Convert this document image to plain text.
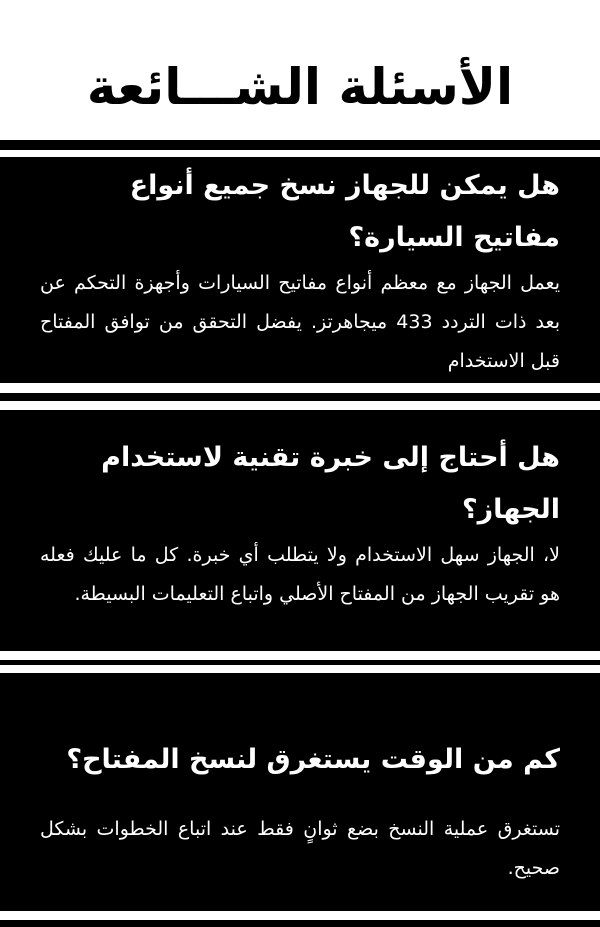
الأسئلة الشـــائعة

هل يمكن للجهاز نسخ جميع أنواع مفاتيح السيارة؟

يعمل الجهاز مع معظم أنواع مفاتيح السيارات وأجهزة التحكم عن بعد ذات التردد 433 ميجاهرتز. يفضل التحقق من توافق المفتاح قبل الاستخدام

هل أحتاج إلى خبرة تقنية لاستخدام الجهاز؟

لا، الجهاز سهل الاستخدام ولا يتطلب أي خبرة. كل ما عليك فعله هو تقريب الجهاز من المفتاح الأصلي واتباع التعليمات البسيطة.

كم من الوقت يستغرق لنسخ المفتاح؟

تستغرق عملية النسخ بضع ثوانٍ فقط عند اتباع الخطوات بشكل صحيح.
